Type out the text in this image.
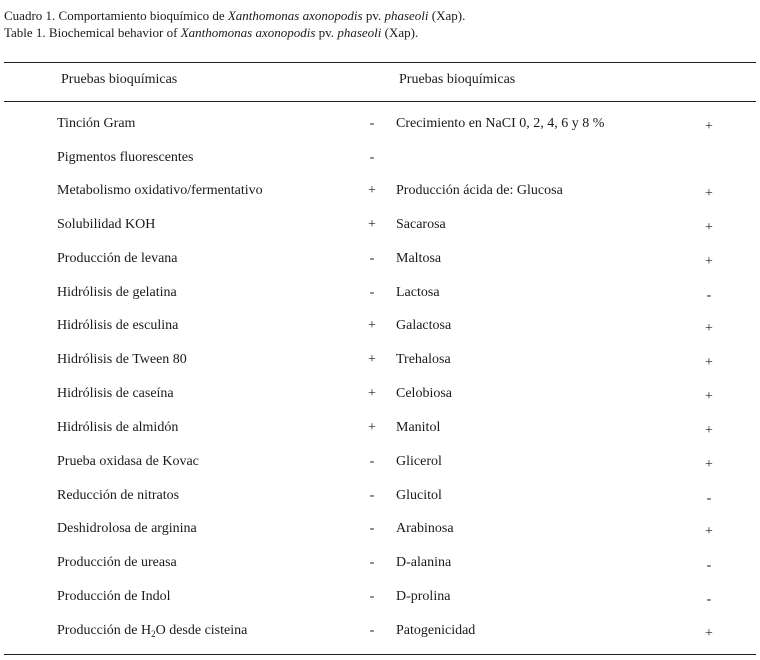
Cuadro 1. Comportamiento bioquímico de Xanthomonas axonopodis pv. phaseoli (Xap).
Table 1. Biochemical behavior of Xanthomonas axonopodis pv. phaseoli (Xap).
Pruebas bioquímicas	Pruebas bioquímicas
Tinción Gram	- Crecimiento en NaCI 0, 2, 4, 6 y 8 %	+
Pigmentos fluorescentes	-
Metabolismo oxidativo/fermentativo	+ Producción ácida de: Glucosa	+
Solubilidad KOH	+ Sacarosa	+
Producción de levana	- Maltosa	+
Hidrólisis de gelatina	- Lactosa	-
Hidrólisis de esculina	+ Galactosa	+
Hidrólisis de Tween 80	+ Trehalosa	+
Hidrólisis de caseína	+ Celobiosa	+
Hidrólisis de almidón	+ Manitol	+
Prueba oxidasa de Kovac	- Glicerol	+
Reducción de nitratos	- Glucitol	-
Deshidrolosa de arginina	- Arabinosa	+
Producción de ureasa	- D-alanina	-
Producción de Indol	- D-prolina	-
Producción de $H_2O$ desde cisteina	- Patogenicidad	+
